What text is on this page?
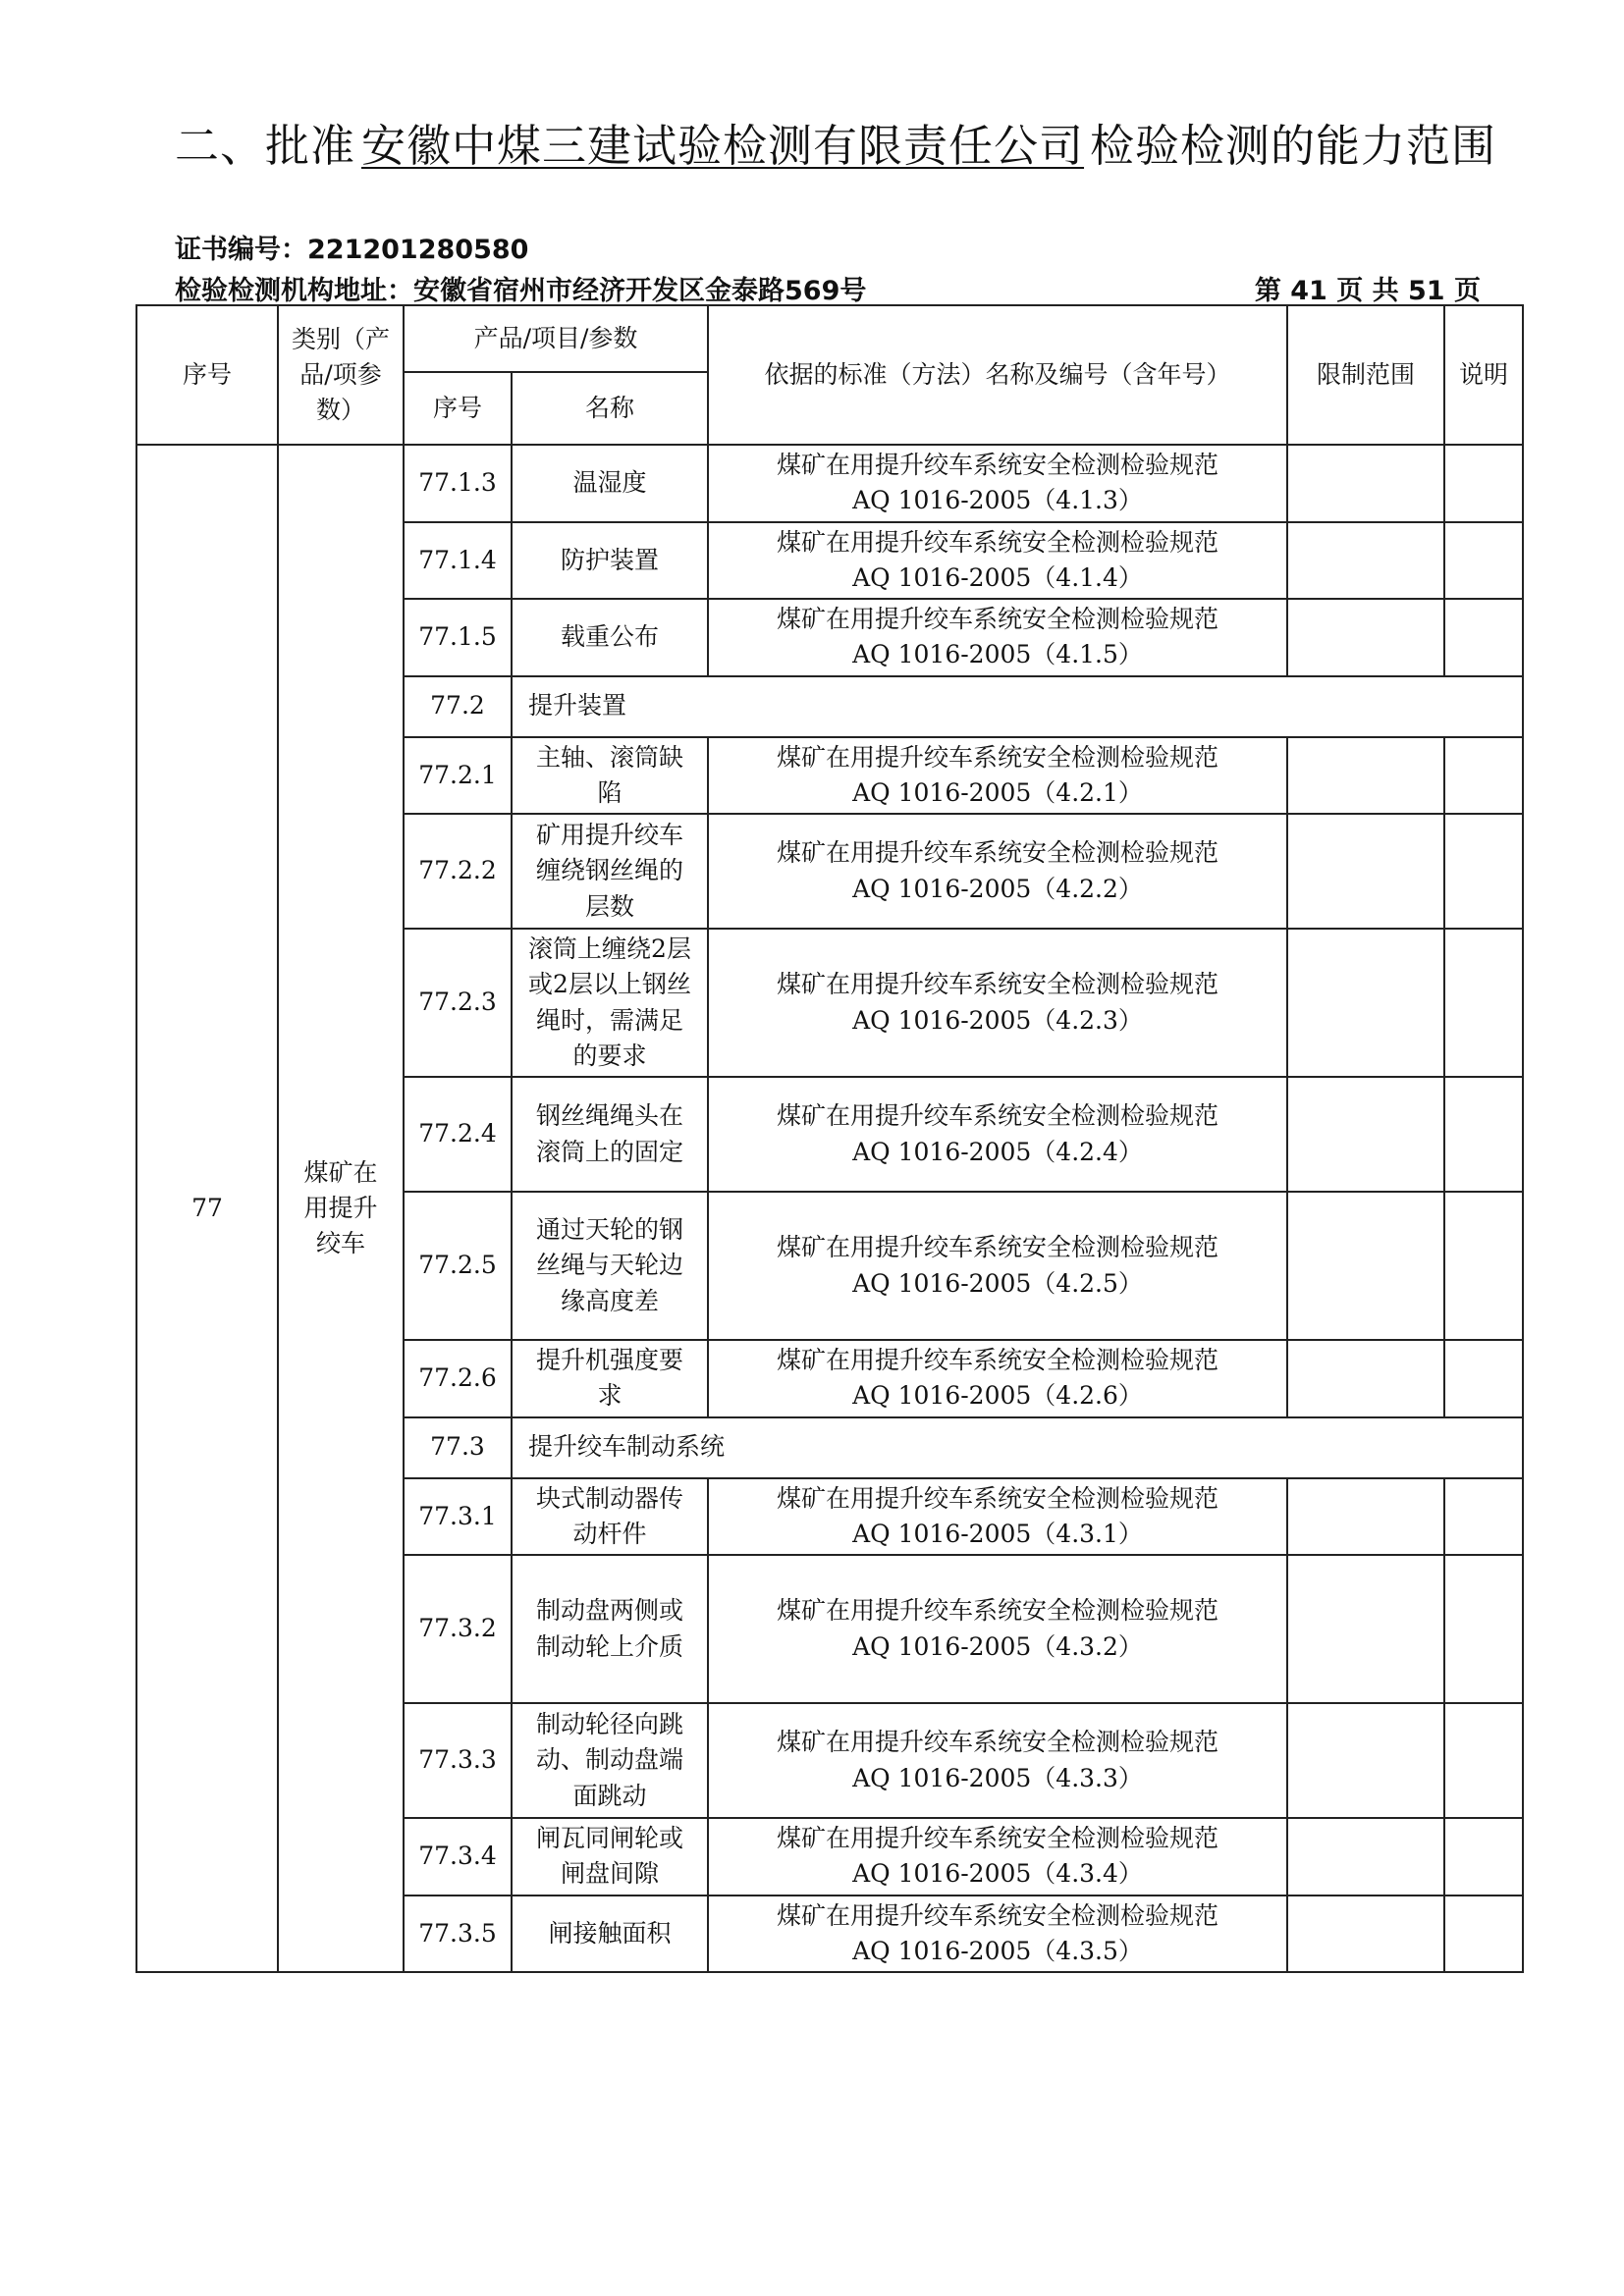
二、批准 安徽中煤三建试验检测有限责任公司 检验检测的能力范围
证书编号：221201280580
检验检测机构地址：安徽省宿州市经济开发区金泰路569号	第 41 页 共 51 页
序号	类别（产品/项参数）	产品/项目/参数		依据的标准（方法）名称及编号（含年号）	限制范围	说明
		序号	名称			
77	煤矿在用提升绞车	77.1.3	温湿度	煤矿在用提升绞车系统安全检测检验规范
AQ 1016-2005（4.1.3）		

		77.1.4	防护装置	煤矿在用提升绞车系统安全检测检验规范
AQ 1016-2005（4.1.4）		

		77.1.5	载重公布	煤矿在用提升绞车系统安全检测检验规范
AQ 1016-2005（4.1.5）		

		77.2	提升装置			
		77.2.1	主轴、滚筒缺陷	煤矿在用提升绞车系统安全检测检验规范
AQ 1016-2005（4.2.1）		

		77.2.2	矿用提升绞车缠绕钢丝绳的层数	煤矿在用提升绞车系统安全检测检验规范
AQ 1016-2005（4.2.2）		

		77.2.3	滚筒上缠绕2层或2层以上钢丝绳时，需满足的要求	煤矿在用提升绞车系统安全检测检验规范
AQ 1016-2005（4.2.3）		

		77.2.4	钢丝绳绳头在滚筒上的固定	煤矿在用提升绞车系统安全检测检验规范
AQ 1016-2005（4.2.4）		

		77.2.5	通过天轮的钢丝绳与天轮边缘高度差	煤矿在用提升绞车系统安全检测检验规范
AQ 1016-2005（4.2.5）		

		77.2.6	提升机强度要求	煤矿在用提升绞车系统安全检测检验规范
AQ 1016-2005（4.2.6）		

		77.3	提升绞车制动系统			
		77.3.1	块式制动器传动杆件	煤矿在用提升绞车系统安全检测检验规范
AQ 1016-2005（4.3.1）		

		77.3.2	制动盘两侧或制动轮上介质	煤矿在用提升绞车系统安全检测检验规范
AQ 1016-2005（4.3.2）		

		77.3.3	制动轮径向跳动、制动盘端面跳动	煤矿在用提升绞车系统安全检测检验规范
AQ 1016-2005（4.3.3）		

		77.3.4	闸瓦同闸轮或闸盘间隙	煤矿在用提升绞车系统安全检测检验规范
AQ 1016-2005（4.3.4）		

		77.3.5	闸接触面积	煤矿在用提升绞车系统安全检测检验规范
AQ 1016-2005（4.3.5）		
